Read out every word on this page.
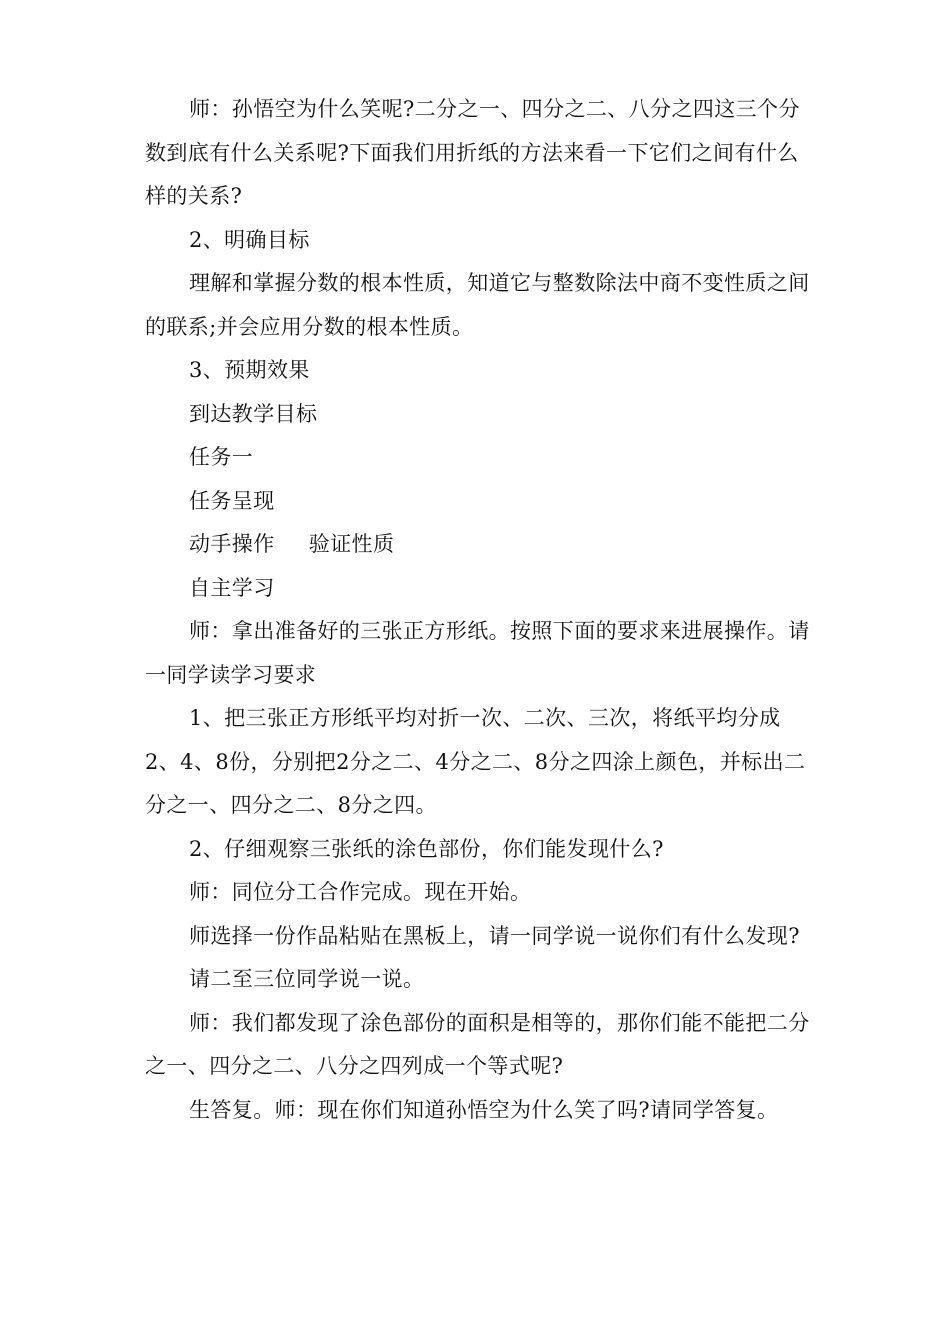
师：孙悟空为什么笑呢?二分之一、四分之二、八分之四这三个分数到底有什么关系呢?下面我们用折纸的方法来看一下它们之间有什么样的关系?

2、明确目标

理解和掌握分数的根本性质，知道它与整数除法中商不变性质之间的联系;并会应用分数的根本性质。

3、预期效果

到达教学目标

任务一

任务呈现

动手操作  验证性质

自主学习

师：拿出准备好的三张正方形纸。按照下面的要求来进展操作。请一同学读学习要求

1、把三张正方形纸平均对折一次、二次、三次，将纸平均分成2、4、8份，分别把2分之二、4分之二、8分之四涂上颜色，并标出二分之一、四分之二、8分之四。

2、仔细观察三张纸的涂色部份，你们能发现什么?

师：同位分工合作完成。现在开始。

师选择一份作品粘贴在黑板上，请一同学说一说你们有什么发现?

请二至三位同学说一说。

师：我们都发现了涂色部份的面积是相等的，那你们能不能把二分之一、四分之二、八分之四列成一个等式呢?

生答复。师：现在你们知道孙悟空为什么笑了吗?请同学答复。
